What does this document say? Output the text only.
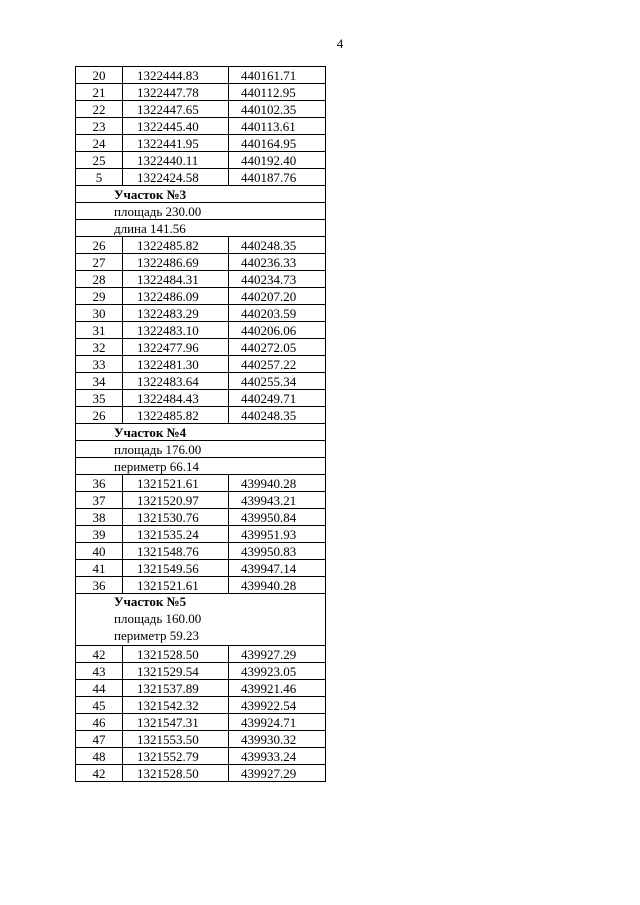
4
20	1322444.83	440161.71
21	1322447.78	440112.95
22	1322447.65	440102.35
23	1322445.40	440113.61
24	1322441.95	440164.95
25	1322440.11	440192.40
5	1322424.58	440187.76
Участок №3		
площадь 230.00		
длина 141.56		
26	1322485.82	440248.35
27	1322486.69	440236.33
28	1322484.31	440234.73
29	1322486.09	440207.20
30	1322483.29	440203.59
31	1322483.10	440206.06
32	1322477.96	440272.05
33	1322481.30	440257.22
34	1322483.64	440255.34
35	1322484.43	440249.71
26	1322485.82	440248.35
Участок №4		
площадь 176.00		
периметр 66.14		
36	1321521.61	439940.28
37	1321520.97	439943.21
38	1321530.76	439950.84
39	1321535.24	439951.93
40	1321548.76	439950.83
41	1321549.56	439947.14
36	1321521.61	439940.28

Участок №5
площадь 160.00
периметр 59.23		

42	1321528.50	439927.29
43	1321529.54	439923.05
44	1321537.89	439921.46
45	1321542.32	439922.54
46	1321547.31	439924.71
47	1321553.50	439930.32
48	1321552.79	439933.24
42	1321528.50	439927.29
